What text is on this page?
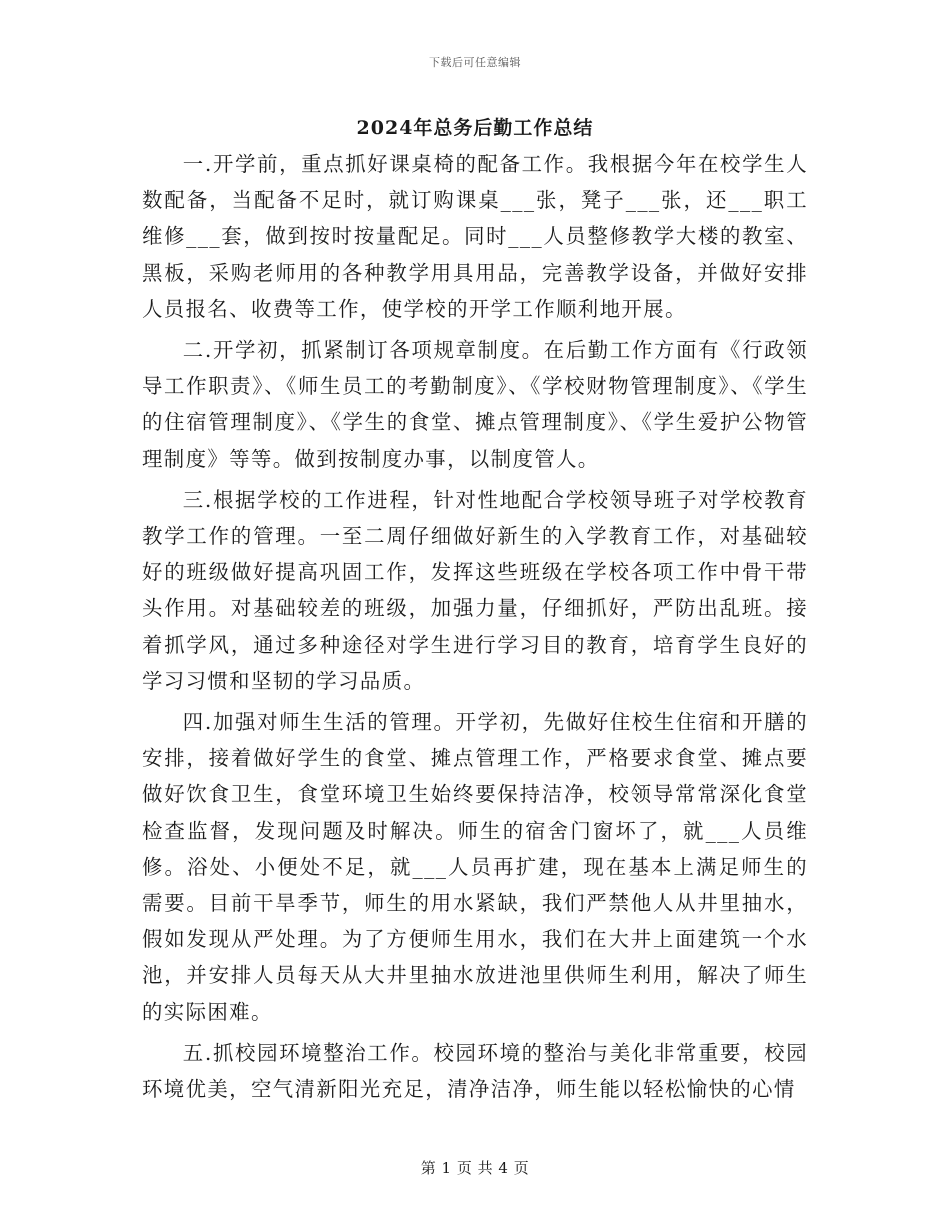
下载后可任意编辑
2024年总务后勤工作总结

一.开学前，重点抓好课桌椅的配备工作。我根据今年在校学生人数配备，当配备不足时，就订购课桌___张，凳子___张，还___职工维修___套，做到按时按量配足。同时___人员整修教学大楼的教室、黑板，采购老师用的各种教学用具用品，完善教学设备，并做好安排人员报名、收费等工作，使学校的开学工作顺利地开展。

二.开学初，抓紧制订各项规章制度。在后勤工作方面有《行政领导工作职责》、《师生员工的考勤制度》、《学校财物管理制度》、《学生的住宿管理制度》、《学生的食堂、摊点管理制度》、《学生爱护公物管理制度》等等。做到按制度办事，以制度管人。

三.根据学校的工作进程，针对性地配合学校领导班子对学校教育教学工作的管理。一至二周仔细做好新生的入学教育工作，对基础较好的班级做好提高巩固工作，发挥这些班级在学校各项工作中骨干带头作用。对基础较差的班级，加强力量，仔细抓好，严防出乱班。接着抓学风，通过多种途径对学生进行学习目的教育，培育学生良好的学习习惯和坚韧的学习品质。

四.加强对师生生活的管理。开学初，先做好住校生住宿和开膳的安排，接着做好学生的食堂、摊点管理工作，严格要求食堂、摊点要做好饮食卫生，食堂环境卫生始终要保持洁净，校领导常常深化食堂检查监督，发现问题及时解决。师生的宿舍门窗坏了，就___人员维修。浴处、小便处不足，就___人员再扩建，现在基本上满足师生的需要。目前干旱季节，师生的用水紧缺，我们严禁他人从井里抽水，假如发现从严处理。为了方便师生用水，我们在大井上面建筑一个水池，并安排人员每天从大井里抽水放进池里供师生利用，解决了师生的实际困难。

五.抓校园环境整治工作。校园环境的整治与美化非常重要，校园环境优美，空气清新阳光充足，清净洁净，师生能以轻松愉快的心情

第 1 页 共 4 页
